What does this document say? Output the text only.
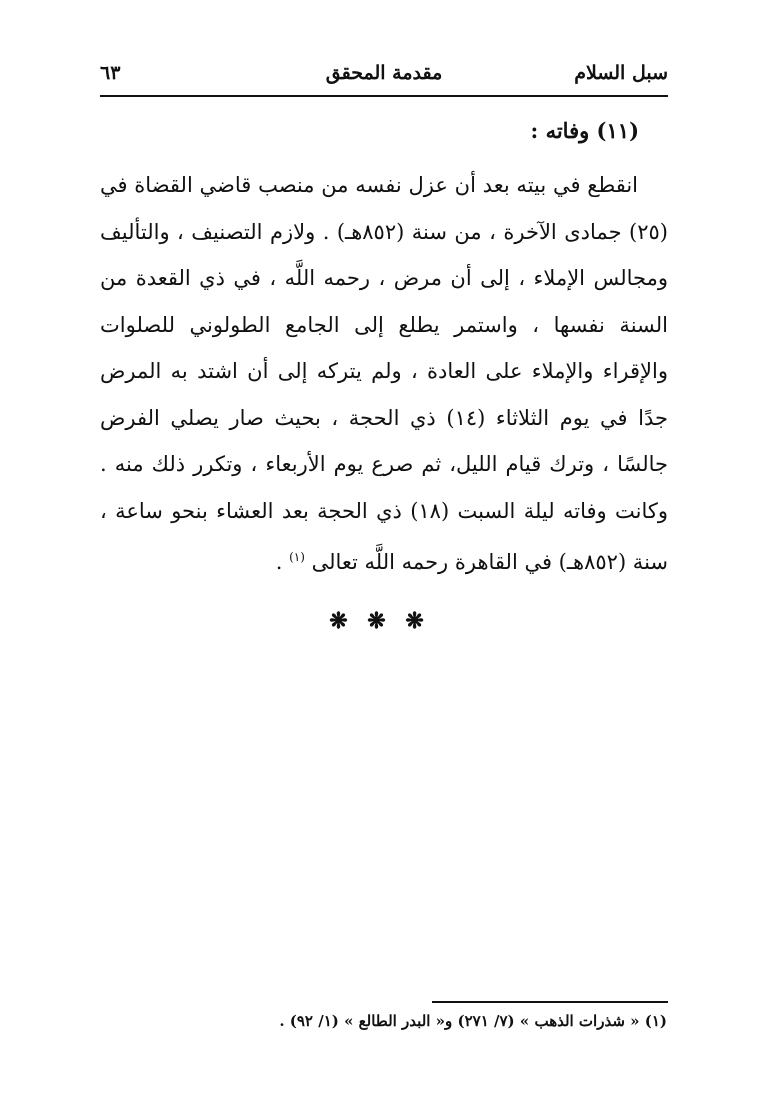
سبل السلام
مقدمة المحقق
٦٣
(١١) وفاته :
انقطع في بيته بعد أن عزل نفسه من منصب قاضي القضاة في (٢٥) جمادى الآخرة ، من سنة (٨٥٢هـ) . ولازم التصنيف ، والتأليف ومجالس الإملاء ، إلى أن مرض ، رحمه اللَّه ، في ذي القعدة من السنة نفسها ، واستمر يطلع إلى الجامع الطولوني للصلوات والإقراء والإملاء على العادة ، ولم يتركه إلى أن اشتد به المرض جدًا في يوم الثلاثاء (١٤) ذي الحجة ، بحيث صار يصلي الفرض جالسًا ، وترك قيام الليل، ثم صرع يوم الأربعاء ، وتكرر ذلك منه . وكانت وفاته ليلة السبت (١٨) ذي الحجة بعد العشاء بنحو ساعة ، سنة (٨٥٢هـ) في القاهرة رحمه اللَّه تعالى $^{(١)}$ .
❋ ❋ ❋
(١) « شذرات الذهب » (٧/ ٢٧١) و« البدر الطالع » (١/ ٩٢) .
